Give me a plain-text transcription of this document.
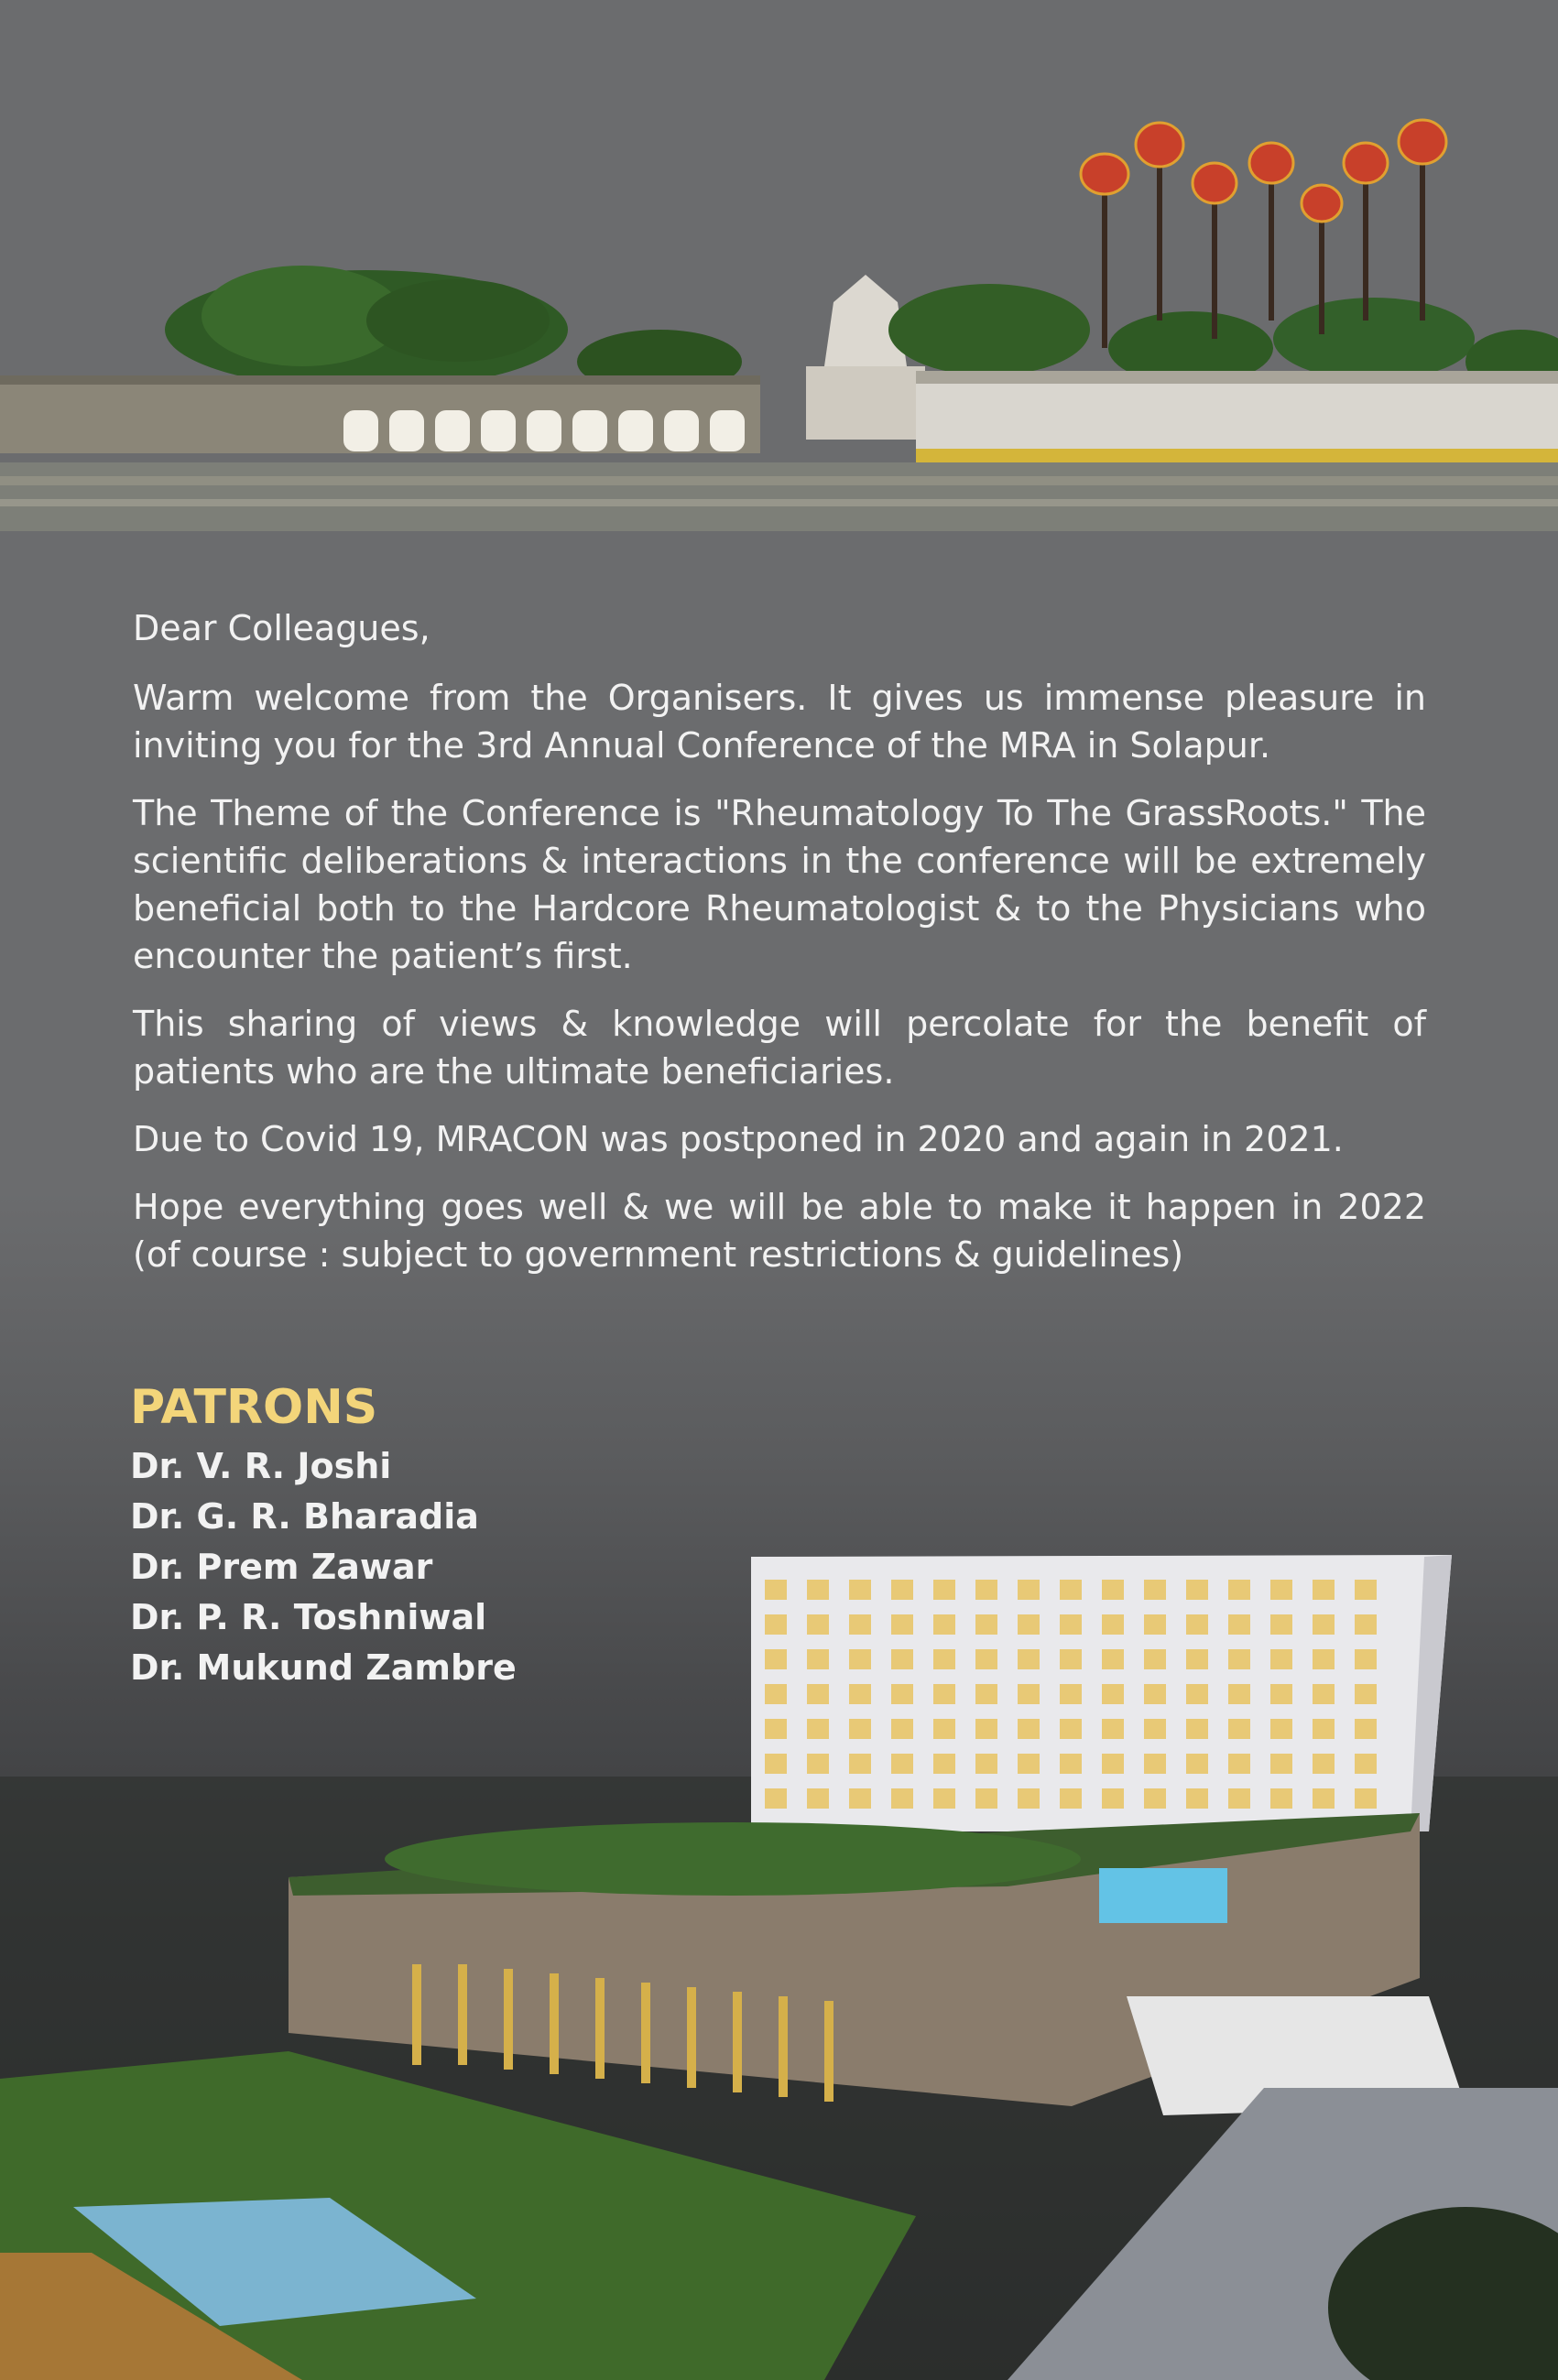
Dear Colleagues,

Warm welcome from the Organisers. It gives us immense pleasure in inviting you for the 3rd Annual Conference of the MRA in Solapur.

The Theme of the Conference is "Rheumatology To The GrassRoots." The scientific deliberations & interactions in the conference will be extremely beneficial both to the Hardcore Rheumatologist & to the Physicians who encounter the patient’s first.

This sharing of views & knowledge will percolate for the benefit of patients who are the ultimate beneficiaries.

Due to Covid 19, MRACON was postponed in 2020 and again in 2021.

Hope everything goes well & we will be able to make it happen in 2022 (of course : subject to government restrictions & guidelines)

PATRONS
Dr. V. R. Joshi
Dr. G. R. Bharadia
Dr. Prem Zawar
Dr. P. R. Toshniwal
Dr. Mukund Zambre
